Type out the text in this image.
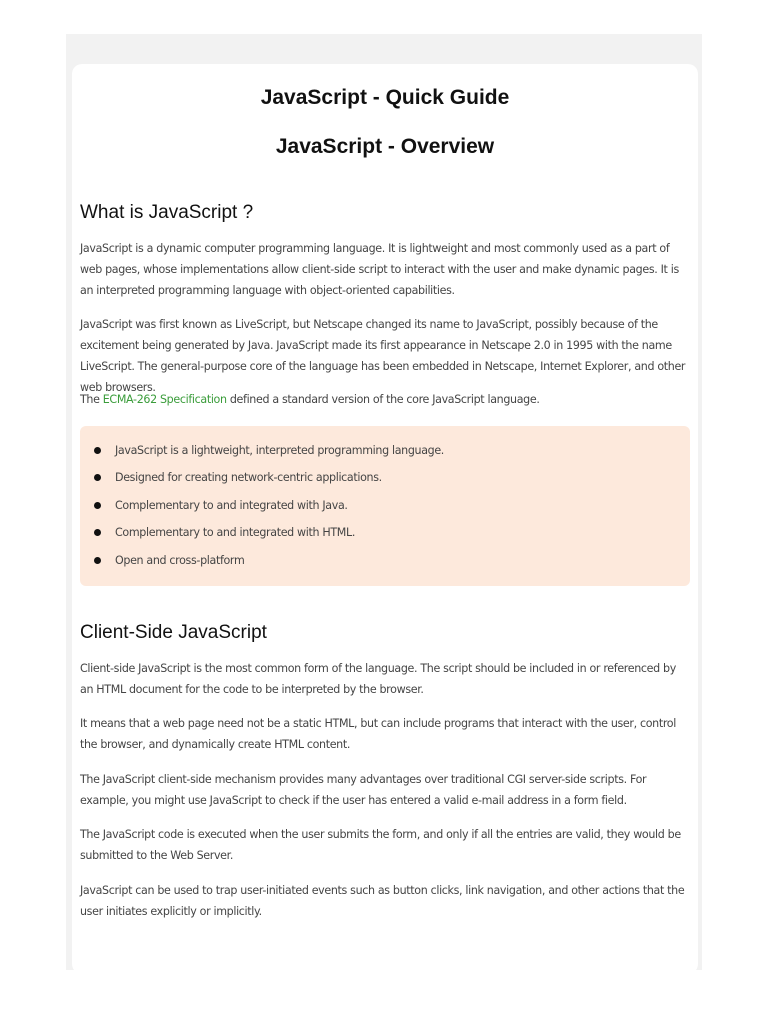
JavaScript - Quick Guide
JavaScript - Overview
What is JavaScript ?

JavaScript is a dynamic computer programming language. It is lightweight and most commonly used as a part of web pages, whose implementations allow client-side script to interact with the user and make dynamic pages. It is an interpreted programming language with object-oriented capabilities.

JavaScript was first known as LiveScript, but Netscape changed its name to JavaScript, possibly because of the excitement being generated by Java. JavaScript made its first appearance in Netscape 2.0 in 1995 with the name LiveScript. The general-purpose core of the language has been embedded in Netscape, Internet Explorer, and other web browsers.

The ECMA-262 Specification defined a standard version of the core JavaScript language.

JavaScript is a lightweight, interpreted programming language.
Designed for creating network-centric applications.
Complementary to and integrated with Java.
Complementary to and integrated with HTML.
Open and cross-platform
Client-Side JavaScript

Client-side JavaScript is the most common form of the language. The script should be included in or referenced by an HTML document for the code to be interpreted by the browser.

It means that a web page need not be a static HTML, but can include programs that interact with the user, control the browser, and dynamically create HTML content.

The JavaScript client-side mechanism provides many advantages over traditional CGI server-side scripts. For example, you might use JavaScript to check if the user has entered a valid e-mail address in a form field.

The JavaScript code is executed when the user submits the form, and only if all the entries are valid, they would be submitted to the Web Server.

JavaScript can be used to trap user-initiated events such as button clicks, link navigation, and other actions that the user initiates explicitly or implicitly.
